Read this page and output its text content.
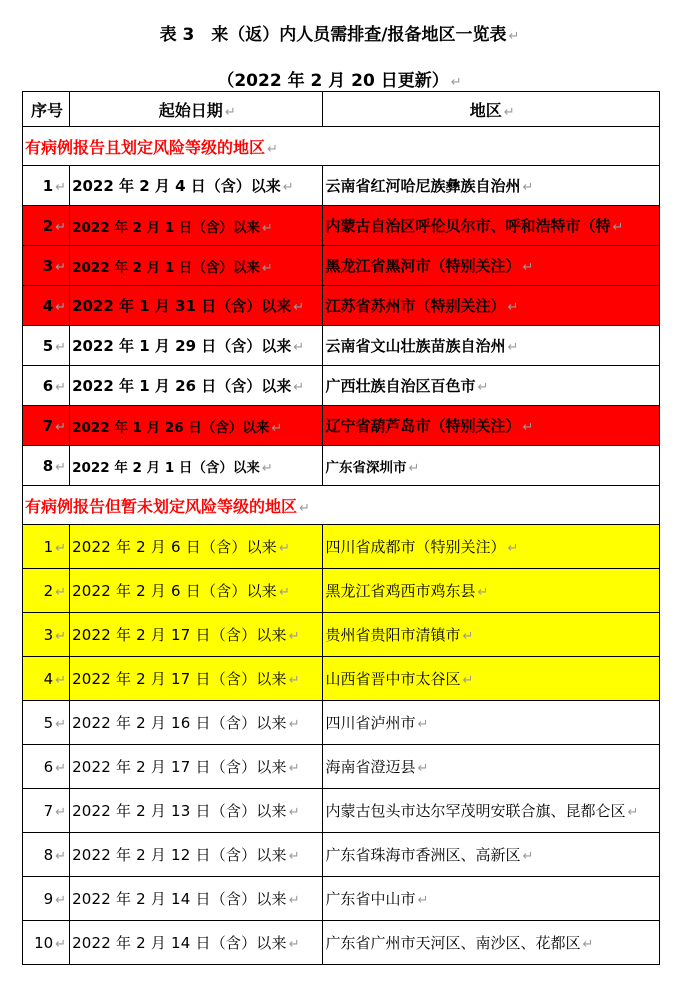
表 3　来（返）内人员需排查/报备地区一览表 ↵
（2022 年 2 月 20 日更新） ↵
序号	起始日期 ↵	地区 ↵
有病例报告且划定风险等级的地区 ↵		
1 ↵	2022 年 2 月 4 日（含）以来 ↵	云南省红河哈尼族彝族自治州 ↵
2 ↵	2022 年 2 月 1 日（含）以来 ↵	内蒙古自治区呼伦贝尔市、呼和浩特市（特 ↵
3 ↵	2022 年 2 月 1 日（含）以来 ↵	黑龙江省黑河市（特别关注） ↵
4 ↵	2022 年 1 月 31 日（含）以来 ↵	江苏省苏州市（特别关注） ↵
5 ↵	2022 年 1 月 29 日（含）以来 ↵	云南省文山壮族苗族自治州 ↵
6 ↵	2022 年 1 月 26 日（含）以来 ↵	广西壮族自治区百色市 ↵
7 ↵	2022 年 1 月 26 日（含）以来 ↵	辽宁省葫芦岛市（特别关注） ↵
8 ↵	2022 年 2 月 1 日（含）以来 ↵	广东省深圳市 ↵
有病例报告但暂未划定风险等级的地区 ↵		
1 ↵	2022 年 2 月 6 日（含）以来 ↵	四川省成都市（特别关注） ↵
2 ↵	2022 年 2 月 6 日（含）以来 ↵	黑龙江省鸡西市鸡东县 ↵
3 ↵	2022 年 2 月 17 日（含）以来 ↵	贵州省贵阳市清镇市 ↵
4 ↵	2022 年 2 月 17 日（含）以来 ↵	山西省晋中市太谷区 ↵
5 ↵	2022 年 2 月 16 日（含）以来 ↵	四川省泸州市 ↵
6 ↵	2022 年 2 月 17 日（含）以来 ↵	海南省澄迈县 ↵
7 ↵	2022 年 2 月 13 日（含）以来 ↵	内蒙古包头市达尔罕茂明安联合旗、昆都仑区 ↵
8 ↵	2022 年 2 月 12 日（含）以来 ↵	广东省珠海市香洲区、高新区 ↵
9 ↵	2022 年 2 月 14 日（含）以来 ↵	广东省中山市 ↵
10 ↵	2022 年 2 月 14 日（含）以来 ↵	广东省广州市天河区、南沙区、花都区 ↵
